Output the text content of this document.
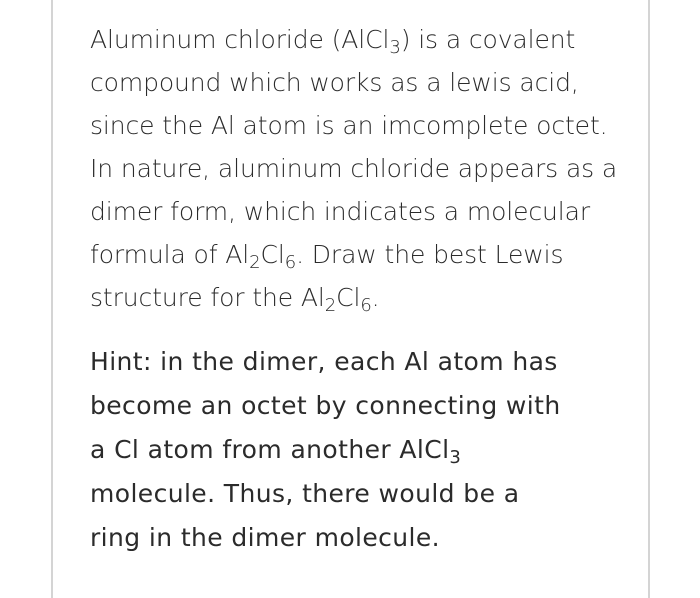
Aluminum chloride (AlCl$_3$) is a covalent
compound which works as a lewis acid,
since the Al atom is an imcomplete octet.
In nature, aluminum chloride appears as a
dimer form, which indicates a molecular
formula of $Al_2Cl_6$. Draw the best Lewis
structure for the $Al_2Cl_6$.
Hint: in the dimer, each Al atom has
become an octet by connecting with
a Cl atom from another AlCl$_3$
molecule. Thus, there would be a
ring in the dimer molecule.
